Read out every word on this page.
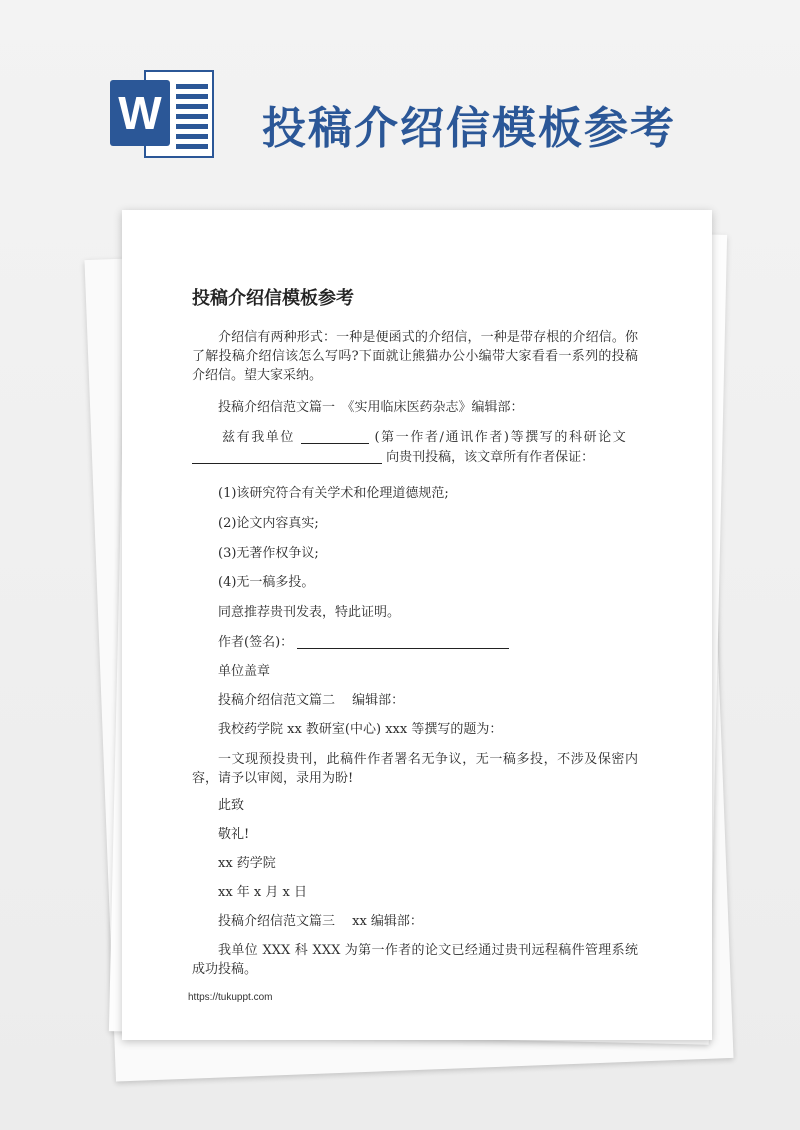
W 投稿介绍信模板参考
投稿介绍信模板参考

介绍信有两种形式：一种是便函式的介绍信，一种是带存根的介绍信。你了解投稿介绍信该怎么写吗?下面就让熊猫办公小编带大家看看一系列的投稿介绍信。望大家采纳。

投稿介绍信范文篇一　《实用临床医药杂志》编辑部：

兹有我单位	(第一作者/通讯作者)等撰写的科研论文

向贵刊投稿，该文章所有作者保证：

(1)该研究符合有关学术和伦理道德规范;

(2)论文内容真实;

(3)无著作权争议;

(4)无一稿多投。

同意推荐贵刊发表，特此证明。

作者(签名)：

单位盖章

投稿介绍信范文篇二　 编辑部：

我校药学院 xx 教研室(中心) xxx 等撰写的题为：

一文现预投贵刊，此稿件作者署名无争议，无一稿多投，不涉及保密内容，请予以审阅，录用为盼!

此致

敬礼!

xx 药学院

xx 年 x 月 x 日

投稿介绍信范文篇三　 xx 编辑部：

我单位 XXX 科 XXX 为第一作者的论文已经通过贵刊远程稿件管理系统成功投稿。

https://tukuppt.com
